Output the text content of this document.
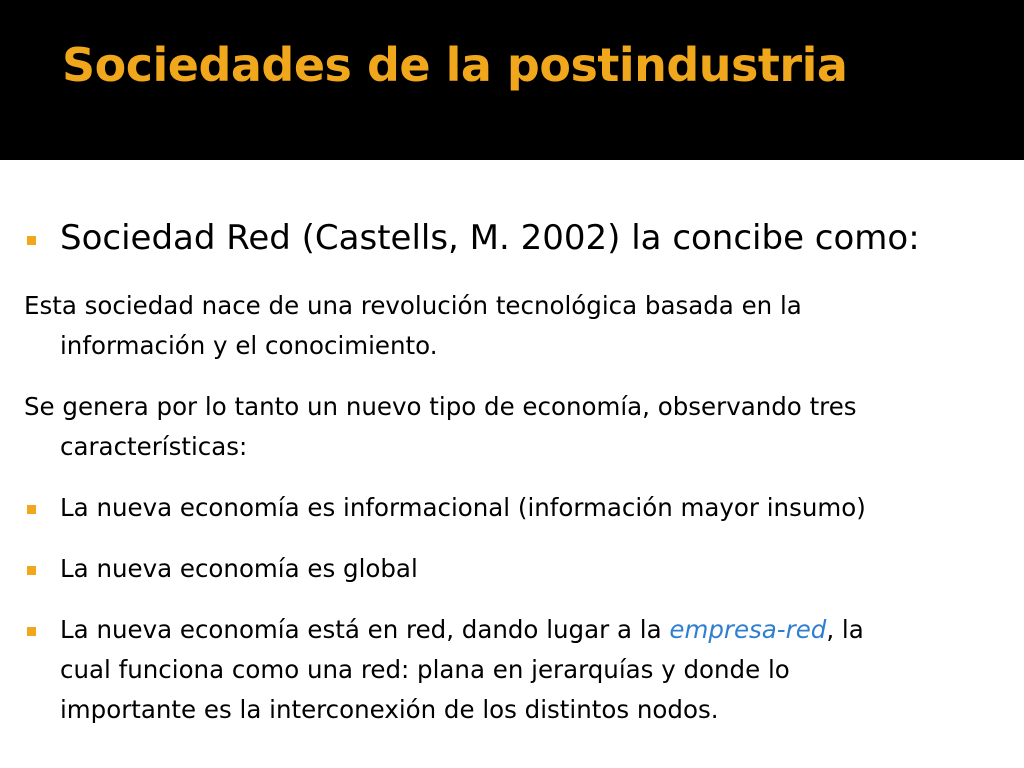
Sociedades de la postindustria
Sociedad Red (Castells, M. 2002) la concibe como:
Esta sociedad nace de una revolución tecnológica basada en la
información y el conocimiento.
Se genera por lo tanto un nuevo tipo de economía, observando tres
características:
La nueva economía es informacional (información mayor insumo)
La nueva economía es global
La nueva economía está en red, dando lugar a la empresa-red, la
cual funciona como una red: plana en jerarquías y donde lo
importante es la interconexión de los distintos nodos.
